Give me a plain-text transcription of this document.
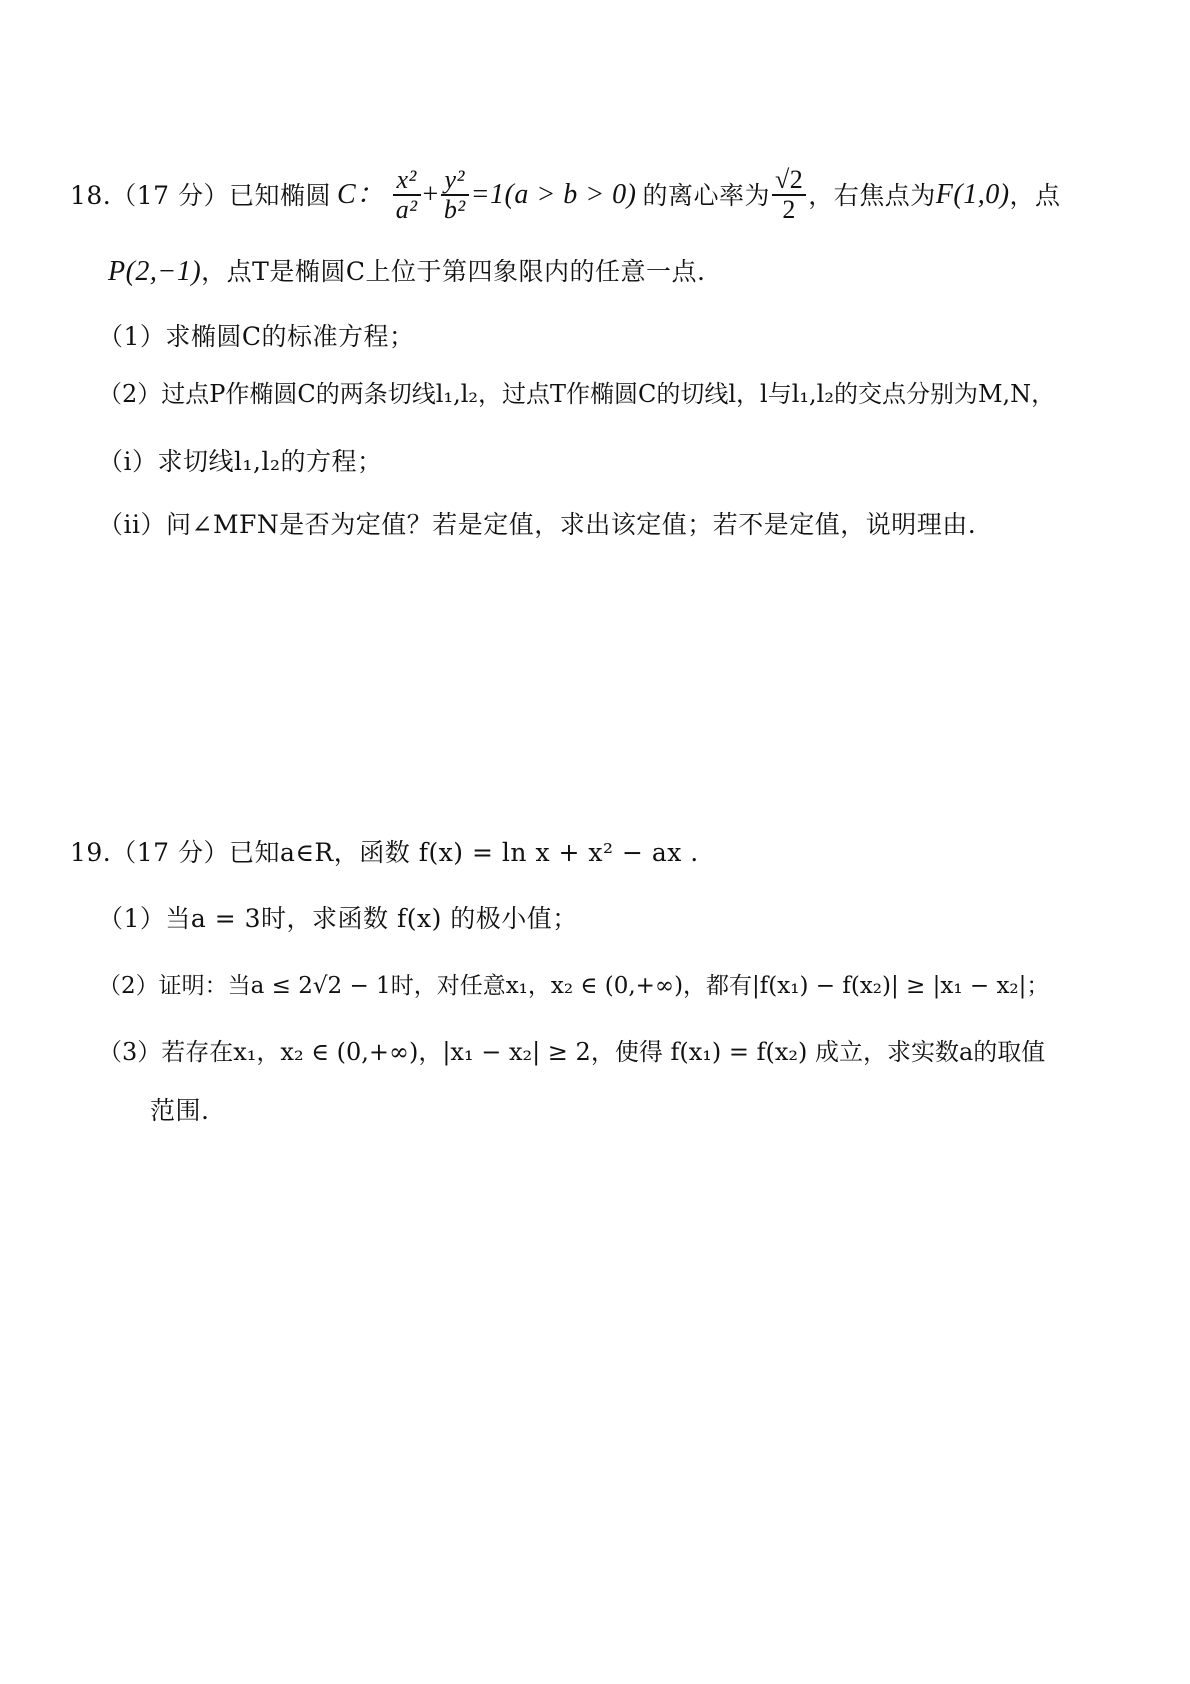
18.（17 分）已知椭圆 C： $\frac{\text{x²}}{\text{a²}} + \frac{\text{y²}}{\text{b²}} =1(a > b > 0)$ 的离心率为 $\frac{√2}{2}$ ，右焦点为 F(1,0) ，点
P(2,−1)，点T是椭圆C上位于第四象限内的任意一点.
（1）求椭圆C的标准方程；
（2）过点P作椭圆C的两条切线l₁,l₂，过点T作椭圆C的切线l，l与l₁,l₂的交点分别为M,N，
（i）求切线l₁,l₂的方程；
（ii）问∠MFN是否为定值？若是定值，求出该定值；若不是定值，说明理由.
19.（17 分）已知a∈R，函数 f(x) = ln x + x² − ax .
（1）当a = 3时，求函数 f(x) 的极小值；
（2）证明：当a ≤ 2√2 − 1时，对任意x₁，x₂ ∈ (0,+∞)，都有|f(x₁) − f(x₂)| ≥ |x₁ − x₂|；
（3）若存在x₁，x₂ ∈ (0,+∞)，|x₁ − x₂| ≥ 2，使得 f(x₁) = f(x₂) 成立，求实数a的取值
范围.
